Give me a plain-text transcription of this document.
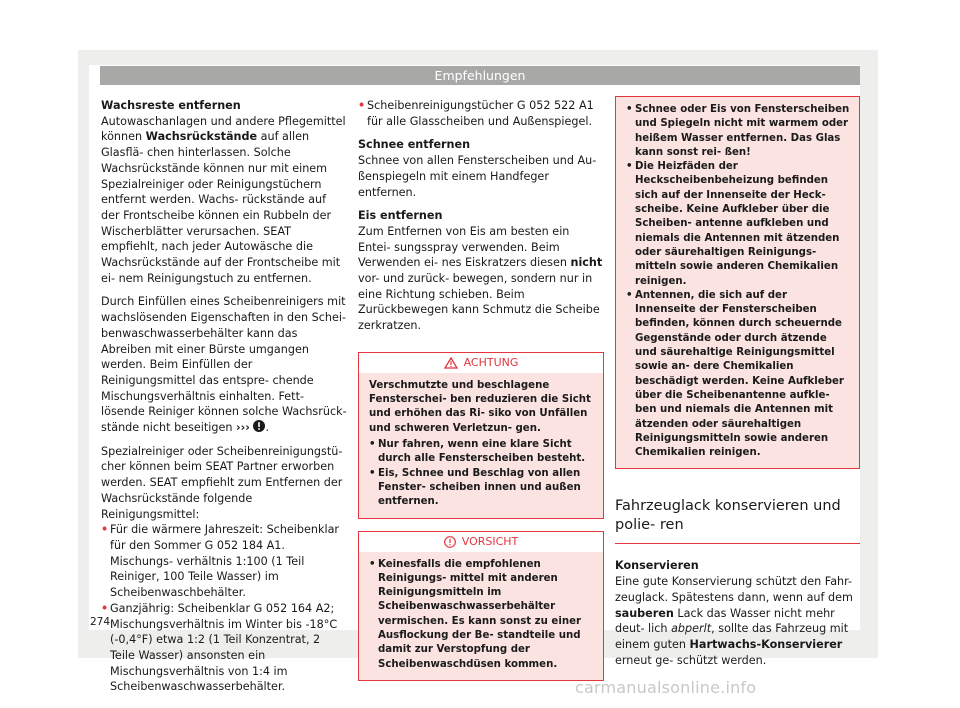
Empfehlungen

Wachsreste entfernen

Autowaschanlagen und andere Pflegemittel können Wachsrückstände auf allen Glasflä- chen hinterlassen. Solche Wachsrückstände können nur mit einem Spezialreiniger oder Reinigungstüchern entfernt werden. Wachs- rückstände auf der Frontscheibe können ein Rubbeln der Wischerblätter verursachen. SEAT empfiehlt, nach jeder Autowäsche die Wachsrückstände auf der Frontscheibe mit ei- nem Reinigungstuch zu entfernen.

Durch Einfüllen eines Scheibenreinigers mit wachslösenden Eigenschaften in den Schei- benwaschwasserbehälter kann das Abreiben mit einer Bürste umgangen werden. Beim Einfüllen der Reinigungsmittel das entspre- chende Mischungsverhältnis einhalten. Fett- lösende Reiniger können solche Wachsrück- stände nicht beseitigen ››› .

Spezialreiniger oder Scheibenreinigungstü- cher können beim SEAT Partner erworben werden. SEAT empfiehlt zum Entfernen der Wachsrückstände folgende Reinigungsmittel:

• Für die wärmere Jahreszeit: Scheibenklar für den Sommer G 052 184 A1. Mischungs- verhältnis 1:100 (1 Teil Reiniger, 100 Teile Wasser) im Scheibenwaschbehälter.
• Ganzjährig: Scheibenklar G 052 164 A2; Mischungsverhältnis im Winter bis -18°C (-0,4°F) etwa 1:2 (1 Teil Konzentrat, 2 Teile Wasser) ansonsten ein Mischungsverhältnis von 1:4 im Scheibenwaschwasserbehälter.
• Scheibenreinigungstücher G 052 522 A1 für alle Glasscheiben und Außenspiegel.

Schnee entfernen

Schnee von allen Fensterscheiben und Au- ßenspiegeln mit einem Handfeger entfernen.

Eis entfernen

Zum Entfernen von Eis am besten ein Entei- sungsspray verwenden. Beim Verwenden ei- nes Eiskratzers diesen nicht vor- und zurück- bewegen, sondern nur in eine Richtung schieben. Beim Zurückbewegen kann Schmutz die Scheibe zerkratzen.

ACHTUNG

Verschmutzte und beschlagene Fensterschei- ben reduzieren die Sicht und erhöhen das Ri- siko von Unfällen und schweren Verletzun- gen.

• Nur fahren, wenn eine klare Sicht durch alle Fensterscheiben besteht.
• Eis, Schnee und Beschlag von allen Fenster- scheiben innen und außen entfernen.
VORSICHT
• Keinesfalls die empfohlenen Reinigungs- mittel mit anderen Reinigungsmitteln im Scheibenwaschwasserbehälter vermischen. Es kann sonst zu einer Ausflockung der Be- standteile und damit zur Verstopfung der Scheibenwaschdüsen kommen.
• Schnee oder Eis von Fensterscheiben und Spiegeln nicht mit warmem oder heißem Wasser entfernen. Das Glas kann sonst rei- ßen!
• Die Heizfäden der Heckscheibenbeheizung befinden sich auf der Innenseite der Heck- scheibe. Keine Aufkleber über die Scheiben- antenne aufkleben und niemals die Antennen mit ätzenden oder säurehaltigen Reinigungs- mitteln sowie anderen Chemikalien reinigen.
• Antennen, die sich auf der Innenseite der Fensterscheiben befinden, können durch scheuernde Gegenstände oder durch ätzende und säurehaltige Reinigungsmittel sowie an- dere Chemikalien beschädigt werden. Keine Aufkleber über die Scheibenantenne aufkle- ben und niemals die Antennen mit ätzenden oder säurehaltigen Reinigungsmitteln sowie anderen Chemikalien reinigen.
Fahrzeuglack konservieren und polie- ren

Konservieren

Eine gute Konservierung schützt den Fahr- zeuglack. Spätestens dann, wenn auf dem sauberen Lack das Wasser nicht mehr deut- lich abperlt, sollte das Fahrzeug mit einem guten Hartwachs-Konservierer erneut ge- schützt werden.

274
carmanualsonline.info
